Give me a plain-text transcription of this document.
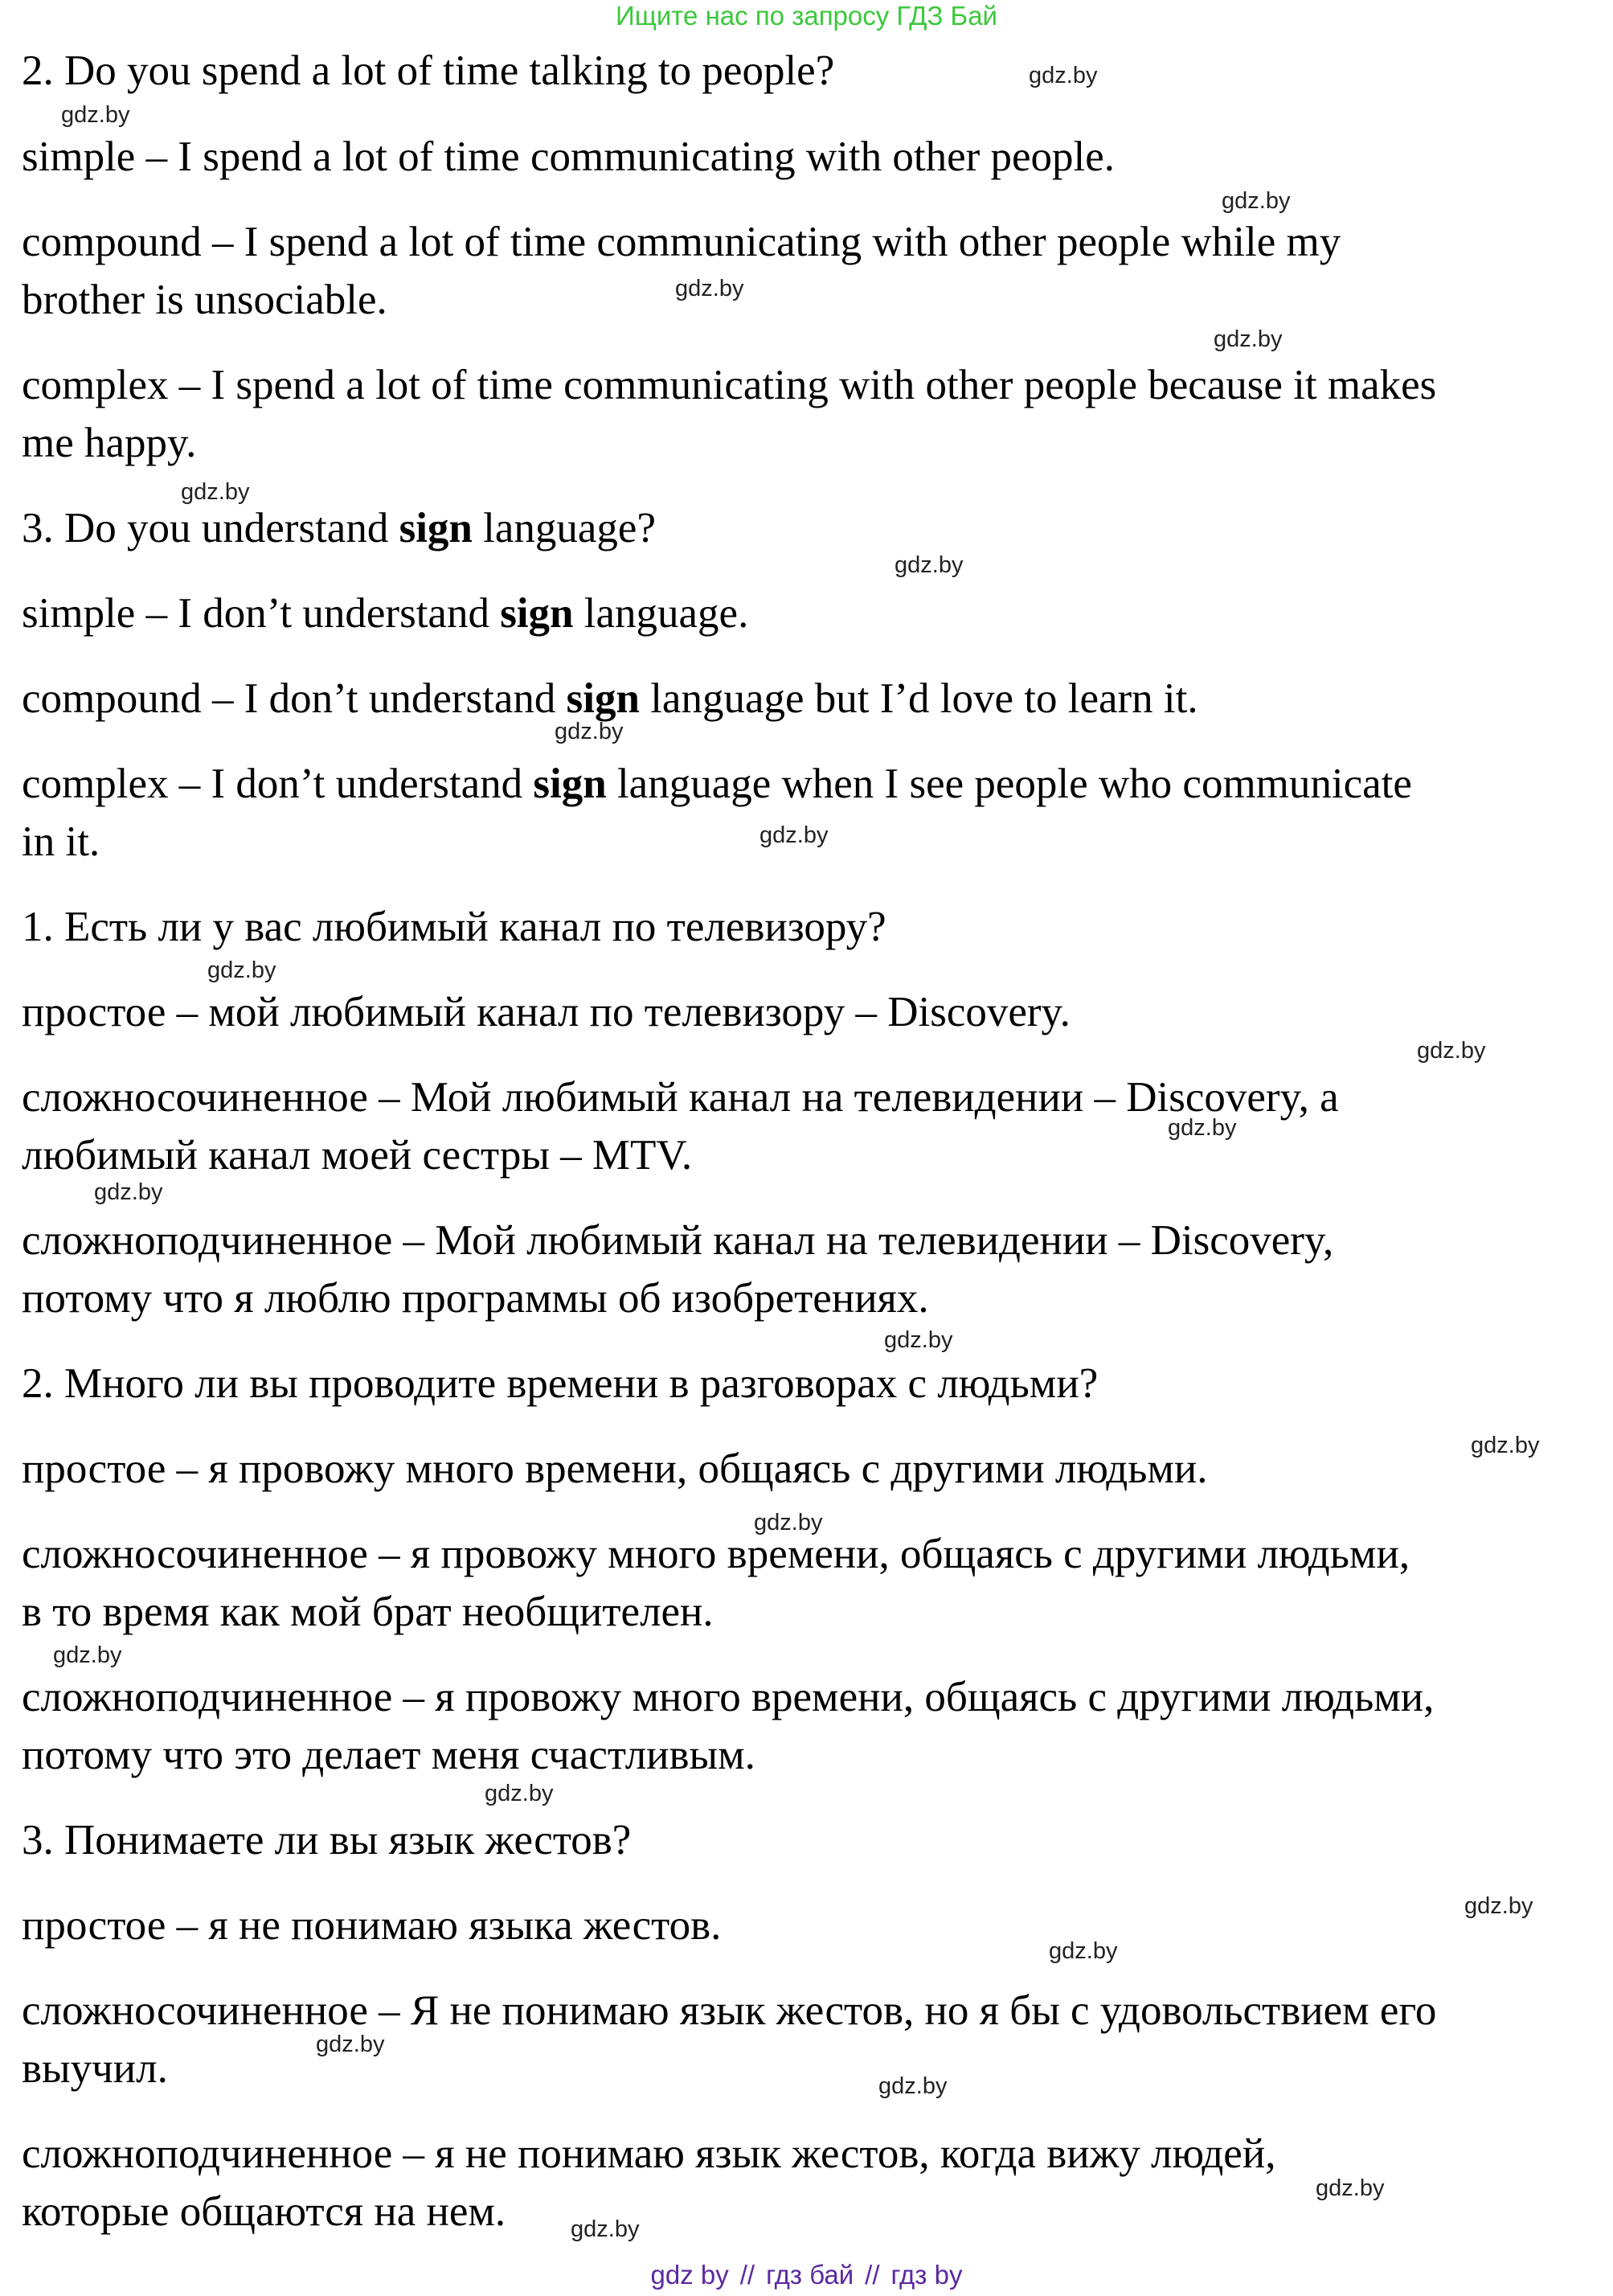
Ищите нас по запросу ГДЗ Бай
2. Do you spend a lot of time talking to people?
simple – I spend a lot of time communicating with other people.
compound – I spend a lot of time communicating with other people while my
brother is unsociable.
complex – I spend a lot of time communicating with other people because it makes
me happy.
3. Do you understand sign language?
simple – I don’t understand sign language.
compound – I don’t understand sign language but I’d love to learn it.
complex – I don’t understand sign language when I see people who communicate
in it.
1. Есть ли у вас любимый канал по телевизору?
простое – мой любимый канал по телевизору – Discovery.
сложносочиненное – Мой любимый канал на телевидении – Discovery, а
любимый канал моей сестры – MTV.
сложноподчиненное – Мой любимый канал на телевидении – Discovery,
потому что я люблю программы об изобретениях.
2. Много ли вы проводите времени в разговорах с людьми?
простое – я провожу много времени, общаясь с другими людьми.
сложносочиненное – я провожу много времени, общаясь с другими людьми,
в то время как мой брат необщителен.
сложноподчиненное – я провожу много времени, общаясь с другими людьми,
потому что это делает меня счастливым.
3. Понимаете ли вы язык жестов?
простое – я не понимаю языка жестов.
сложносочиненное – Я не понимаю язык жестов, но я бы с удовольствием его
выучил.
сложноподчиненное – я не понимаю язык жестов, когда вижу людей,
которые общаются на нем.
gdz.by
gdz.by
gdz.by
gdz.by
gdz.by
gdz.by
gdz.by
gdz.by
gdz.by
gdz.by
gdz.by
gdz.by
gdz.by
gdz.by
gdz.by
gdz.by
gdz.by
gdz.by
gdz.by
gdz.by
gdz.by
gdz.by
gdz.by
gdz.by
gdz by // гдз бай // гдз by
